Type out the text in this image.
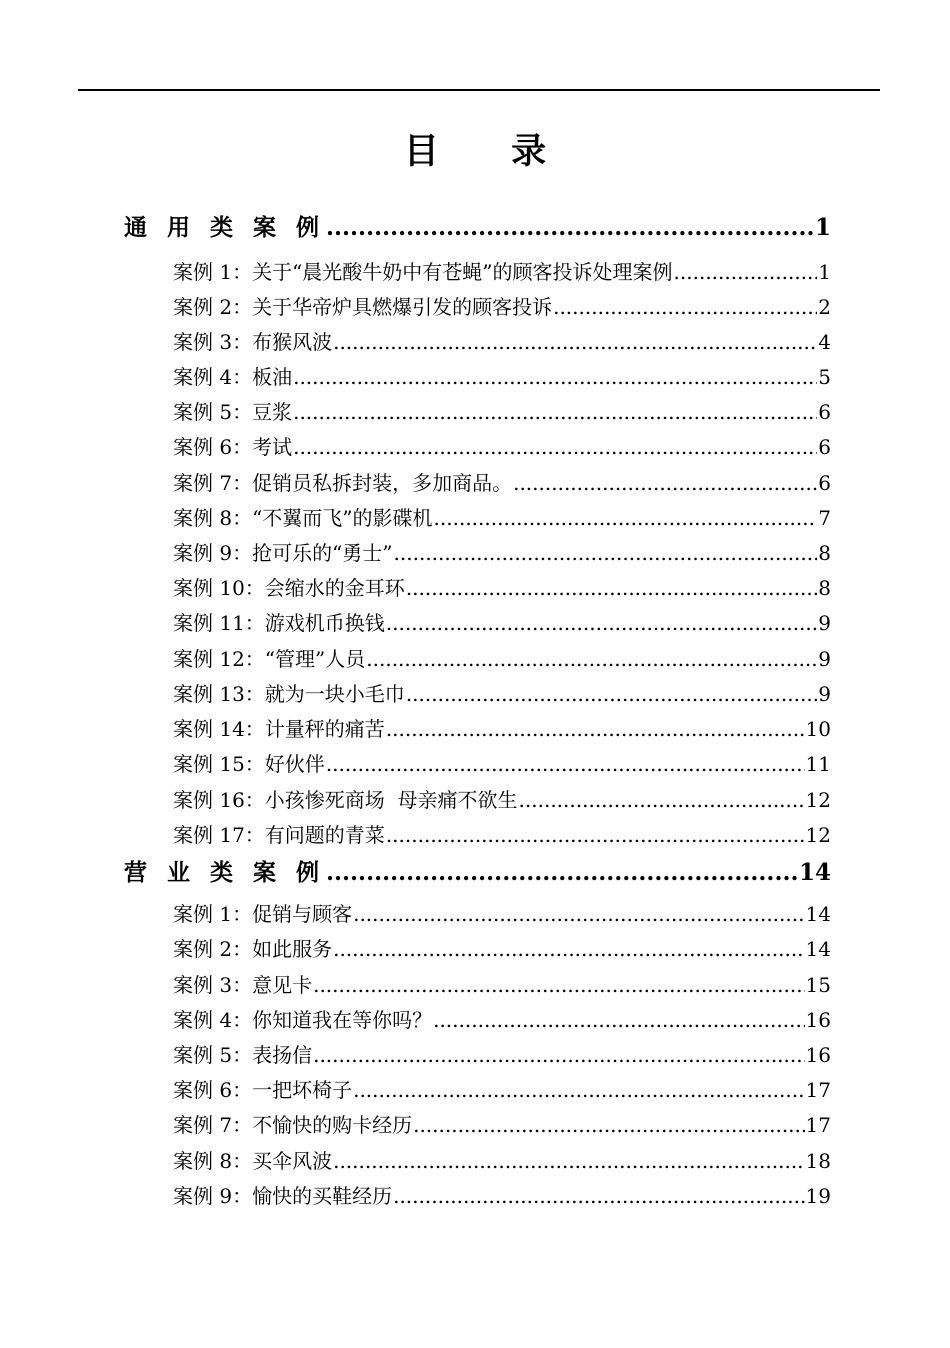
目 录
通 用 类 案 例 .....	1
案例 1：关于“晨光酸牛奶中有苍蝇”的顾客投诉处理案例 .....	1
案例 2：关于华帝炉具燃爆引发的顾客投诉 .....	2
案例 3：布猴风波 .....	4
案例 4：板油 .....	5
案例 5：豆浆 .....	6
案例 6：考试 .....	6
案例 7：促销员私拆封装，多加商品。 .....	6
案例 8：“不翼而飞”的影碟机 .....	7
案例 9：抢可乐的“勇士” .....	8
案例 10：会缩水的金耳环 .....	8
案例 11：游戏机币换钱 .....	9
案例 12：“管理”人员 .....	9
案例 13：就为一块小毛巾 .....	9
案例 14：计量秤的痛苦 .....	10
案例 15：好伙伴 .....	11
案例 16：小孩惨死商场  母亲痛不欲生 .....	12
案例 17：有问题的青菜 .....	12
营 业 类 案 例 .....	14
案例 1：促销与顾客 .....	14
案例 2：如此服务 .....	14
案例 3：意见卡 .....	15
案例 4：你知道我在等你吗？ .....	16
案例 5：表扬信 .....	16
案例 6：一把坏椅子 .....	17
案例 7：不愉快的购卡经历 .....	17
案例 8：买伞风波 .....	18
案例 9：愉快的买鞋经历 .....	19
